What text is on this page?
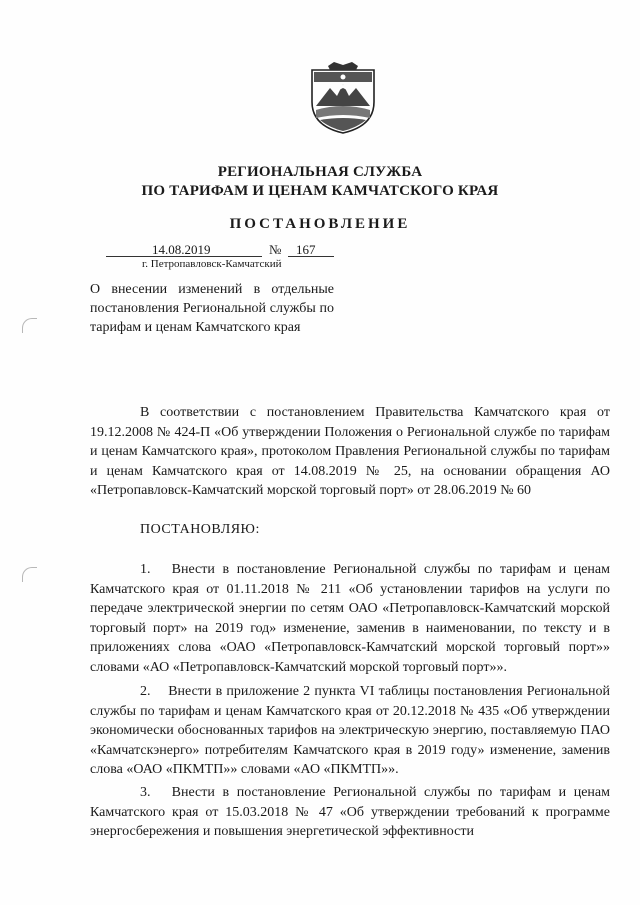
РЕГИОНАЛЬНАЯ СЛУЖБА
ПО ТАРИФАМ И ЦЕНАМ КАМЧАТСКОГО КРАЯ
ПОСТАНОВЛЕНИЕ
14.08.2019	№ 167
г. Петропавловск-Камчатский
О внесении изменений в отдельные постановления Региональной службы по тарифам и ценам Камчатского края
В соответствии с постановлением Правительства Камчатского края от 19.12.2008 № 424-П «Об утверждении Положения о Региональной службе по тарифам и ценам Камчатского края», протоколом Правления Региональной службы по тарифам и ценам Камчатского края от 14.08.2019 № 25, на основании обращения АО «Петропавловск-Камчатский морской торговый порт» от 28.06.2019 № 60
ПОСТАНОВЛЯЮ:
1. Внести в постановление Региональной службы по тарифам и ценам Камчатского края от 01.11.2018 № 211 «Об установлении тарифов на услуги по передаче электрической энергии по сетям ОАО «Петропавловск-Камчатский морской торговый порт» на 2019 год» изменение, заменив в наименовании, по тексту и в приложениях слова «ОАО «Петропавловск-Камчатский морской торговый порт»» словами «АО «Петропавловск-Камчатский морской торговый порт»».
2. Внести в приложение 2 пункта VI таблицы постановления Региональной службы по тарифам и ценам Камчатского края от 20.12.2018 № 435 «Об утверждении экономически обоснованных тарифов на электрическую энергию, поставляемую ПАО «Камчатскэнерго» потребителям Камчатского края в 2019 году» изменение, заменив слова «ОАО «ПКМТП»» словами «АО «ПКМТП»».
3. Внести в постановление Региональной службы по тарифам и ценам Камчатского края от 15.03.2018 № 47 «Об утверждении требований к программе энергосбережения и повышения энергетической эффективности
